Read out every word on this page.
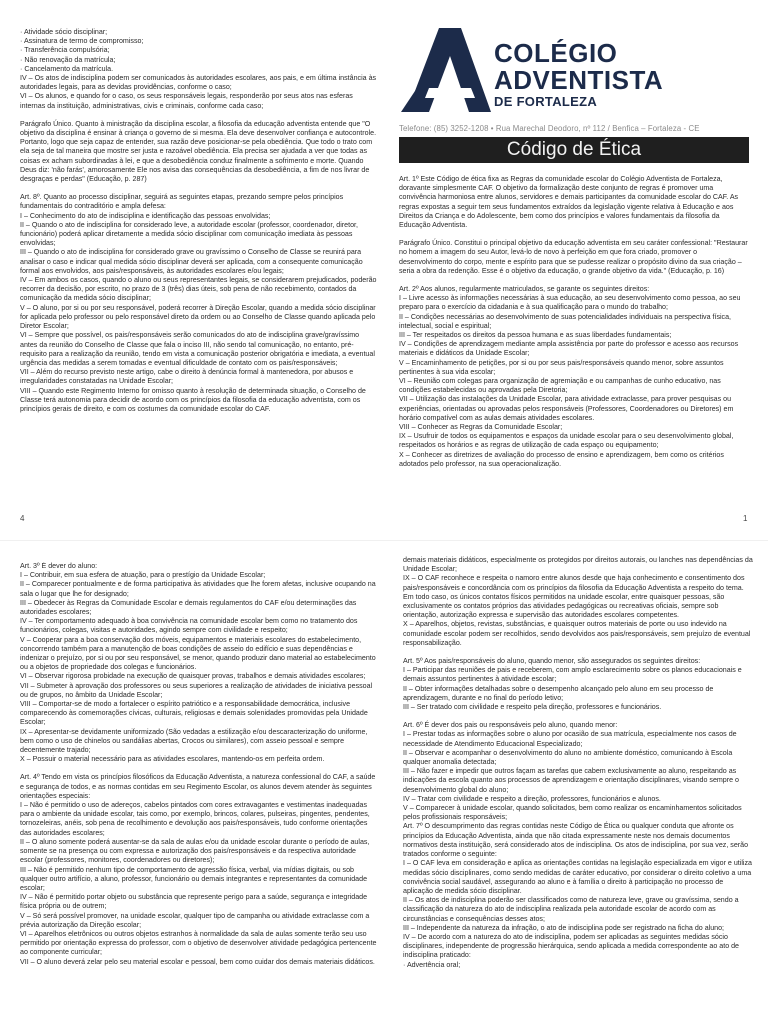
COLÉGIO
ADVENTISTA
DE FORTALEZA
Telefone: (85) 3252-1208 • Rua Marechal Deodoro, nº 112 / Benfica – Fortaleza - CE
Código de Ética

· Atividade sócio disciplinar;

· Assinatura de termo de compromisso;

· Transferência compulsória;

· Não renovação da matrícula;

· Cancelamento da matrícula.

IV – Os atos de indisciplina podem ser comunicados às autoridades escolares, aos pais, e em última instância às autoridades legais, para as devidas providências, conforme o caso;

VI – Os alunos, e quando for o caso, os seus responsáveis legais, responderão por seus atos nas esferas internas da instituição, administrativas, civis e criminais, conforme cada caso;

Parágrafo Único. Quanto à ministração da disciplina escolar, a filosofia da educação adventista entende que "O objetivo da disciplina é ensinar à criança o governo de si mesma. Ela deve desenvolver confiança e autocontrole. Portanto, logo que seja capaz de entender, sua razão deve posicionar-se pela obediência. Que todo o trato com ela seja de tal maneira que mostre ser justa e razoável obediência. Ela precisa ser ajudada a ver que todas as coisas ex acham subordinadas à lei, e que a desobediência conduz finalmente a sofrimento e morte. Quando Deus diz: 'não farás', amorosamente Ele nos avisa das consequências da desobediência, a fim de nos livrar de desgraças e perdas" (Educação, p. 287)

Art. 8º. Quanto ao processo disciplinar, seguirá as seguintes etapas, prezando sempre pelos princípios fundamentais do contraditório e ampla defesa:

I – Conhecimento do ato de indisciplina e identificação das pessoas envolvidas;

II – Quando o ato de indisciplina for considerado leve, a autoridade escolar (professor, coordenador, diretor, funcionário) poderá aplicar diretamente a medida sócio disciplinar com comunicação imediata às pessoas envolvidas;

III – Quando o ato de indisciplina for considerado grave ou gravíssimo o Conselho de Classe se reunirá para analisar o caso e indicar qual medida sócio disciplinar deverá ser aplicada, com a consequente comunicação formal aos envolvidos, aos pais/responsáveis, às autoridades escolares e/ou legais;

IV – Em ambos os casos, quando o aluno ou seus representantes legais, se considerarem prejudicados, poderão recorrer da decisão, por escrito, no prazo de 3 (três) dias úteis, sob pena de não recebimento, contados da comunicação da medida sócio disciplinar;

V – O aluno, por si ou por seu responsável, poderá recorrer à Direção Escolar, quando a medida sócio disciplinar for aplicada pelo professor ou pelo responsável direto da ordem ou ao Conselho de Classe quando aplicada pelo Diretor Escolar;

VI – Sempre que possível, os pais/responsáveis serão comunicados do ato de indisciplina grave/gravíssimo antes da reunião do Conselho de Classe que fala o inciso III, não sendo tal comunicação, no entanto, pré-requisito para a realização da reunião, tendo em vista a comunicação posterior obrigatória e imediata, a eventual urgência das medidas a serem tomadas e eventual dificuldade de contato com os pais/responsáveis;

VII – Além do recurso previsto neste artigo, cabe o direito à denúncia formal à mantenedora, por abusos e irregularidades constatadas na Unidade Escolar;

VIII – Quando este Regimento Interno for omisso quanto à resolução de determinada situação, o Conselho de Classe terá autonomia para decidir de acordo com os princípios da filosofia da educação adventista, com os princípios gerais de direito, e com os costumes da comunidade escolar do CAF.

Art. 1º Este Código de ética fixa as Regras da comunidade escolar do Colégio Adventista de Fortaleza, doravante simplesmente CAF. O objetivo da formalização deste conjunto de regras é promover uma convivência harmoniosa entre alunos, servidores e demais participantes da comunidade escolar do CAF. As regras expostas a seguir tem seus fundamentos extraídos da legislação vigente relativa à Educação e aos Direitos da Criança e do Adolescente, bem como dos princípios e valores fundamentais da filosofia da Educação Adventista.

Parágrafo Único. Constitui o principal objetivo da educação adventista em seu caráter confessional: "Restaurar no homem a imagem do seu Autor, levá-lo de novo à perfeição em que fora criado, promover o desenvolvimento do corpo, mente e espírito para que se pudesse realizar o propósito divino da sua criação – seria a obra da redenção. Esse é o objetivo da educação, o grande objetivo da vida." (Educação, p. 16)

Art. 2º Aos alunos, regularmente matriculados, se garante os seguintes direitos:

I – Livre acesso às informações necessárias à sua educação, ao seu desenvolvimento como pessoa, ao seu preparo para o exercício da cidadania e à sua qualificação para o mundo do trabalho;

II – Condições necessárias ao desenvolvimento de suas potencialidades individuais na perspectiva física, intelectual, social e espiritual;

III – Ter respeitados os direitos da pessoa humana e as suas liberdades fundamentais;

IV – Condições de aprendizagem mediante ampla assistência por parte do professor e acesso aos recursos materiais e didáticos da Unidade Escolar;

V – Encaminhamento de petições, por si ou por seus pais/responsáveis quando menor, sobre assuntos pertinentes à sua vida escolar;

VI – Reunião com colegas para organização de agremiação e ou campanhas de cunho educativo, nas condições estabelecidas ou aprovadas pela Diretoria;

VII – Utilização das instalações da Unidade Escolar, para atividade extraclasse, para prover pesquisas ou experiências, orientadas ou aprovadas pelos responsáveis (Professores, Coordenadores ou Diretores) em horário compatível com as aulas demais atividades escolares.

VIII – Conhecer as Regras da Comunidade Escolar;

IX – Usufruir de todos os equipamentos e espaços da unidade escolar para o seu desenvolvimento global, respeitados os horários e as regras de utilização de cada espaço ou equipamento;

X – Conhecer as diretrizes de avaliação do processo de ensino e aprendizagem, bem como os critérios adotados pelo professor, na sua operacionalização.

4	1

Art. 3º É dever do aluno:

I – Contribuir, em sua esfera de atuação, para o prestígio da Unidade Escolar;

II – Comparecer pontualmente e de forma participativa às atividades que lhe forem afetas, inclusive ocupando na sala o lugar que lhe for designado;

III – Obedecer às Regras da Comunidade Escolar e demais regulamentos do CAF e/ou determinações das autoridades escolares;

IV – Ter comportamento adequado à boa convivência na comunidade escolar bem como no tratamento dos funcionários, colegas, visitas e autoridades, agindo sempre com civilidade e respeito;

V – Cooperar para a boa conservação dos móveis, equipamentos e materiais escolares do estabelecimento, concorrendo também para a manutenção de boas condições de asseio do edifício e suas dependências e indenizar o prejuízo, por si ou por seu responsável, se menor, quando produzir dano material ao estabelecimento ou a objetos de propriedade dos colegas e funcionários.

VI – Observar rigorosa probidade na execução de quaisquer provas, trabalhos e demais atividades escolares;

VII – Submeter à aprovação dos professores ou seus superiores a realização de atividades de iniciativa pessoal ou de grupos, no âmbito da Unidade Escolar;

VIII – Comportar-se de modo a fortalecer o espírito patriótico e a responsabilidade democrática, inclusive comparecendo às comemorações cívicas, culturais, religiosas e demais solenidades promovidas pela Unidade Escolar;

IX – Apresentar-se devidamente uniformizado (São vedadas a estilização e/ou descaracterização do uniforme, bem como o uso de chinelos ou sandálias abertas, Crocos ou similares), com asseio pessoal e sempre decentemente trajado;

X – Possuir o material necessário para as atividades escolares, mantendo-os em perfeita ordem.

Art. 4º Tendo em vista os princípios filosóficos da Educação Adventista, a natureza confessional do CAF, a saúde e segurança de todos, e as normas contidas em seu Regimento Escolar, os alunos devem atender às seguintes orientações especiais:

I – Não é permitido o uso de adereços, cabelos pintados com cores extravagantes e vestimentas inadequadas para o ambiente da unidade escolar, tais como, por exemplo, brincos, colares, pulseiras, pingentes, pendentes, tornozeleiras, anéis, sob pena de recolhimento e devolução aos pais/responsáveis, tudo conforme orientações das autoridades escolares;

II – O aluno somente poderá ausentar-se da sala de aulas e/ou da unidade escolar durante o período de aulas, somente se na presença ou com expressa e autorização dos pais/responsáveis e da respectiva autoridade escolar (professores, monitores, coordenadores ou diretores);

III – Não é permitido nenhum tipo de comportamento de agressão física, verbal, via mídias digitais, ou sob qualquer outro artifício, a aluno, professor, funcionário ou demais integrantes e representantes da comunidade escolar;

IV – Não é permitido portar objeto ou substância que represente perigo para a saúde, segurança e integridade física própria ou de outrem;

V – Só será possível promover, na unidade escolar, qualquer tipo de campanha ou atividade extraclasse com a prévia autorização da Direção escolar;

VI – Aparelhos eletrônicos ou outros objetos estranhos à normalidade da sala de aulas somente terão seu uso permitido por orientação expressa do professor, com o objetivo de desenvolver atividade pedagógica pertencente ao componente curricular;

VII – O aluno deverá zelar pelo seu material escolar e pessoal, bem como cuidar dos demais materiais didáticos.

demais materiais didáticos, especialmente os protegidos por direitos autorais, ou lanches nas dependências da Unidade Escolar;

IX – O CAF reconhece e respeita o namoro entre alunos desde que haja conhecimento e consentimento dos pais/responsáveis e concordância com os princípios da filosofia da Educação Adventista a respeito do tema. Em todo caso, os únicos contatos físicos permitidos na unidade escolar, entre quaisquer pessoas, são exclusivamente os contatos próprios das atividades pedagógicas ou recreativas oficiais, sempre sob orientação, autorização expressa e supervisão das autoridades escolares competentes.

X – Aparelhos, objetos, revistas, substâncias, e quaisquer outros materiais de porte ou uso indevido na comunidade escolar podem ser recolhidos, sendo devolvidos aos pais/responsáveis, sem prejuízo de eventual responsabilização.

Art. 5º Aos pais/responsáveis do aluno, quando menor, são assegurados os seguintes direitos:

I – Participar das reuniões de pais e receberem, com amplo esclarecimento sobre os planos educacionais e demais assuntos pertinentes à atividade escolar;

II – Obter informações detalhadas sobre o desempenho alcançado pelo aluno em seu processo de aprendizagem, durante e no final do período letivo;

III – Ser tratado com civilidade e respeito pela direção, professores e funcionários.

Art. 6º É dever dos pais ou responsáveis pelo aluno, quando menor:

I – Prestar todas as informações sobre o aluno por ocasião de sua matrícula, especialmente nos casos de necessidade de Atendimento Educacional Especializado;

II – Observar e acompanhar o desenvolvimento do aluno no ambiente doméstico, comunicando à Escola qualquer anomalia detectada;

III – Não fazer e impedir que outros façam as tarefas que cabem exclusivamente ao aluno, respeitando as indicações da escola quanto aos processos de aprendizagem e orientação disciplinares, visando sempre o desenvolvimento global do aluno;

IV – Tratar com civilidade e respeito a direção, professores, funcionários e alunos.

V – Comparecer à unidade escolar, quando solicitados, bem como realizar os encaminhamentos solicitados pelos profissionais responsáveis;

Art. 7º O descumprimento das regras contidas neste Código de Ética ou qualquer conduta que afronte os princípios da Educação Adventista, ainda que não citada expressamente neste nos demais documentos normativos desta instituição, será considerado atos de indisciplina. Os atos de indisciplina, por sua vez, serão tratados conforme o seguinte:

I – O CAF leva em consideração e aplica as orientações contidas na legislação especializada em vigor e utiliza medidas sócio disciplinares, como sendo medidas de caráter educativo, por considerar o direito coletivo a uma convivência social saudável, assegurando ao aluno e à família o direito à participação no processo de aplicação de medida sócio disciplinar.

II – Os atos de indisciplina poderão ser classificados como de natureza leve, grave ou gravíssima, sendo a classificação da natureza do ato de indisciplina realizada pela autoridade escolar de acordo com as circunstâncias e consequências desses atos;

III – Independente da natureza da infração, o ato de indisciplina pode ser registrado na ficha do aluno;

IV – De acordo com a natureza do ato de indisciplina, podem ser aplicadas as seguintes medidas sócio disciplinares, independente de progressão hierárquica, sendo aplicada a medida correspondente ao ato de indisciplina praticado:

· Advertência oral;
